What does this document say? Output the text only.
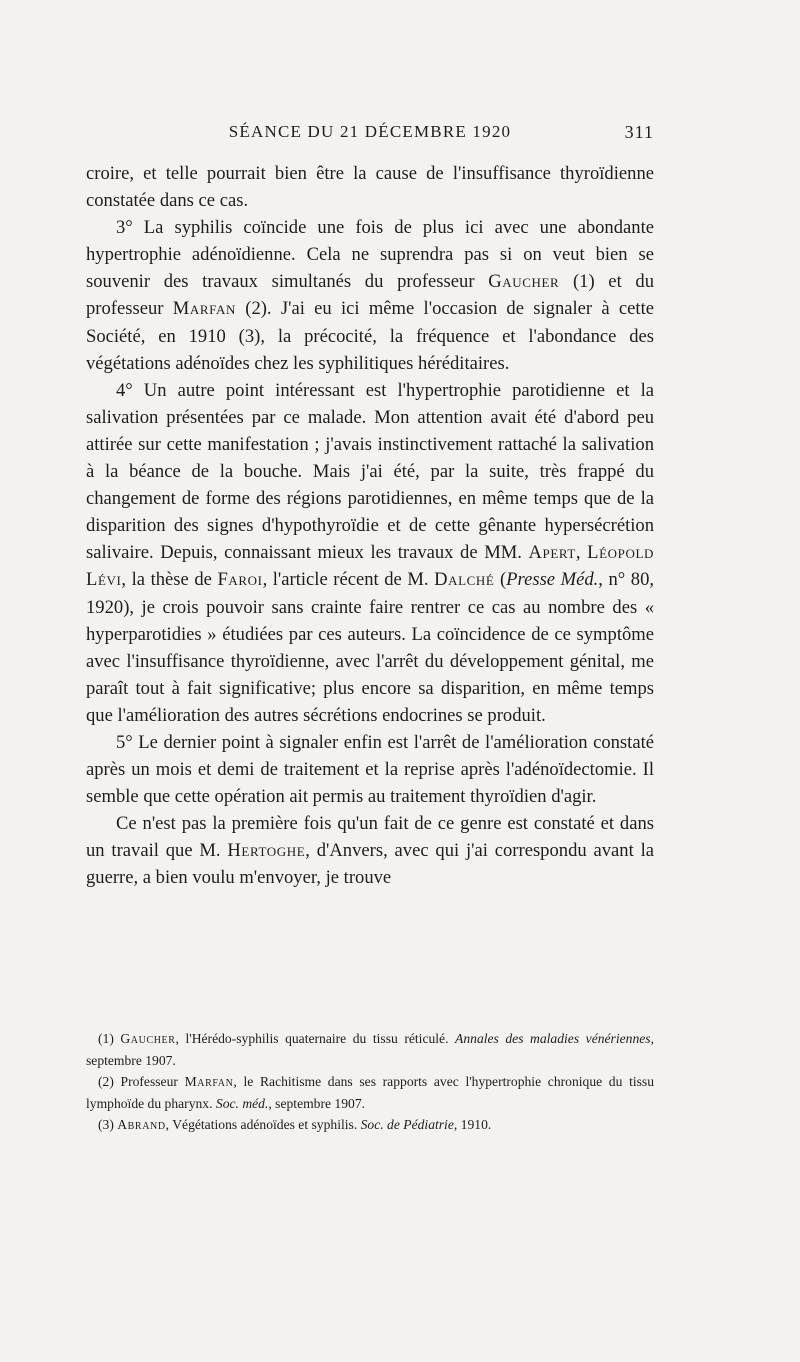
SÉANCE DU 21 DÉCEMBRE 1920	311

croire, et telle pourrait bien être la cause de l'insuffisance thyroïdienne constatée dans ce cas.

3° La syphilis coïncide une fois de plus ici avec une abondante hypertrophie adénoïdienne. Cela ne suprendra pas si on veut bien se souvenir des travaux simultanés du professeur Gaucher (1) et du professeur Marfan (2). J'ai eu ici même l'occasion de signaler à cette Société, en 1910 (3), la précocité, la fréquence et l'abondance des végétations adénoïdes chez les syphilitiques héréditaires.

4° Un autre point intéressant est l'hypertrophie parotidienne et la salivation présentées par ce malade. Mon attention avait été d'abord peu attirée sur cette manifestation ; j'avais instinctivement rattaché la salivation à la béance de la bouche. Mais j'ai été, par la suite, très frappé du changement de forme des régions parotidiennes, en même temps que de la disparition des signes d'hypothyroïdie et de cette gênante hypersécrétion salivaire. Depuis, connaissant mieux les travaux de MM. Apert, Léopold Lévi, la thèse de Faroi, l'article récent de M. Dalché (Presse Méd., n° 80, 1920), je crois pouvoir sans crainte faire rentrer ce cas au nombre des « hyperparotidies » étudiées par ces auteurs. La coïncidence de ce symptôme avec l'insuffisance thyroïdienne, avec l'arrêt du développement génital, me paraît tout à fait significative; plus encore sa disparition, en même temps que l'amélioration des autres sécrétions endocrines se produit.

5° Le dernier point à signaler enfin est l'arrêt de l'amélioration constaté après un mois et demi de traitement et la reprise après l'adénoïdectomie. Il semble que cette opération ait permis au traitement thyroïdien d'agir.

Ce n'est pas la première fois qu'un fait de ce genre est constaté et dans un travail que M. Hertoghe, d'Anvers, avec qui j'ai correspondu avant la guerre, a bien voulu m'envoyer, je trouve

(1) Gaucher, l'Hérédo-syphilis quaternaire du tissu réticulé. Annales des maladies vénériennes, septembre 1907.

(2) Professeur Marfan, le Rachitisme dans ses rapports avec l'hypertrophie chronique du tissu lymphoïde du pharynx. Soc. méd., septembre 1907.

(3) Abrand, Végétations adénoïdes et syphilis. Soc. de Pédiatrie, 1910.
